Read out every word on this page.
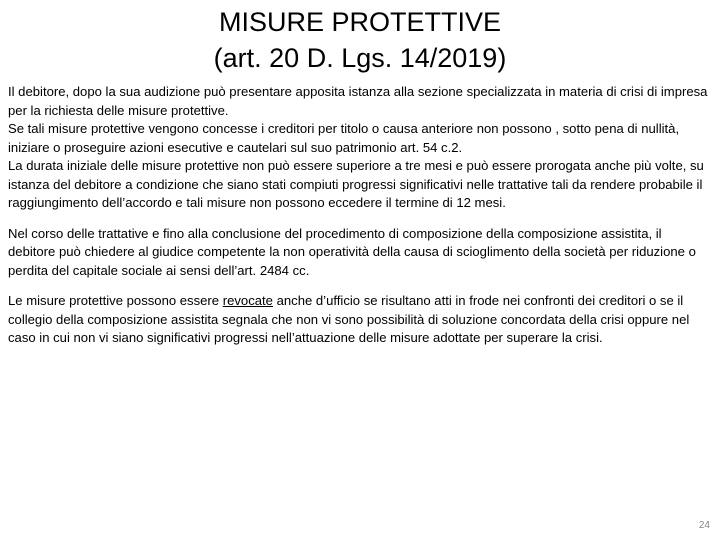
MISURE PROTETTIVE
(art. 20 D. Lgs. 14/2019)

Il debitore, dopo la sua audizione può presentare apposita istanza alla sezione specializzata in materia di crisi di impresa per la richiesta delle misure protettive.

Se tali misure protettive vengono concesse i creditori per titolo o causa anteriore non possono , sotto pena di nullità, iniziare o proseguire azioni esecutive e cautelari sul suo patrimonio art. 54 c.2.

La durata iniziale delle misure protettive non può essere superiore a tre mesi e può essere prorogata anche più volte, su istanza del debitore a condizione che siano stati compiuti progressi significativi nelle trattative tali da rendere probabile il raggiungimento dell’accordo e tali misure non possono eccedere il termine di 12 mesi.

Nel corso delle trattative e fino alla conclusione del procedimento di composizione della composizione assistita, il debitore può chiedere al giudice competente la non operatività della causa di scioglimento della società per riduzione o perdita del capitale sociale ai sensi dell’art. 2484 cc.

Le misure protettive possono essere revocate anche d’ufficio se risultano atti in frode nei confronti dei creditori o se il collegio della composizione assistita segnala che non vi sono possibilità di soluzione concordata della crisi oppure nel caso in cui non vi siano significativi progressi nell’attuazione delle misure adottate per superare la crisi.

24
